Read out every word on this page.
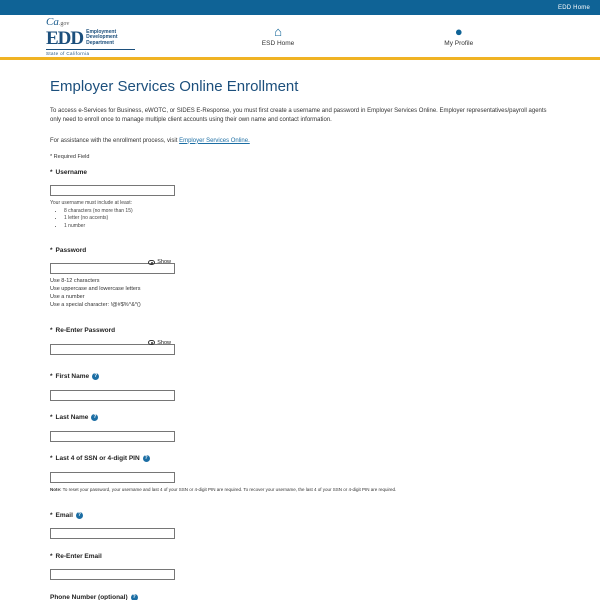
EDD Home
Ca.gov
EDD Employment
Development
Department
State of California
⌂
ESD Home
●
My Profile
Employer Services Online Enrollment

To access e-Services for Business, eWOTC, or SIDES E-Response, you must first create a username and password in Employer Services Online. Employer representatives/payroll agents only need to enroll once to manage multiple client accounts using their own name and contact information.

For assistance with the enrollment process, visit Employer Services Online.

* Required Field
* Username
Your username must include at least:
• 8 characters (no more than 15)
• 1 letter (no accents)
• 1 number
* Password
Show
Use 8-12 characters
Use uppercase and lowercase letters
Use a number
Use a special character: !@#$%^&*()
* Re-Enter Password
Show
* First Name ?
* Last Name ?
* Last 4 of SSN or 4-digit PIN ?
Note: To reset your password, your username and last 4 of your SSN or 4-digit PIN are required. To recover your username, the last 4 of your SSN or 4-digit PIN are required.
* Email ?
* Re-Enter Email
Phone Number (optional) ?
